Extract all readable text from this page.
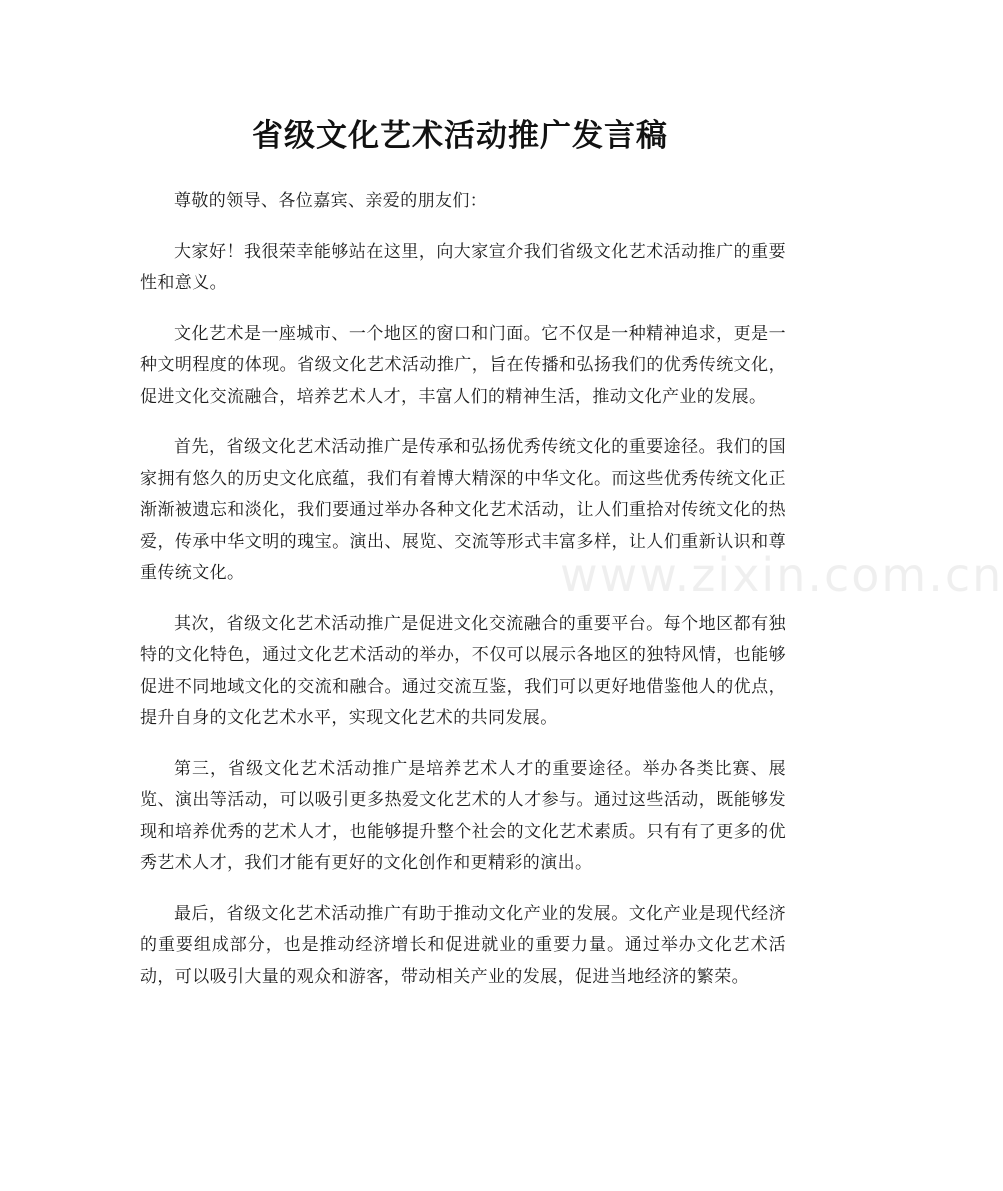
省级文化艺术活动推广发言稿

尊敬的领导、各位嘉宾、亲爱的朋友们：

大家好！我很荣幸能够站在这里，向大家宣介我们省级文化艺术活动推广的重要性和意义。

文化艺术是一座城市、一个地区的窗口和门面。它不仅是一种精神追求，更是一种文明程度的体现。省级文化艺术活动推广，旨在传播和弘扬我们的优秀传统文化，促进文化交流融合，培养艺术人才，丰富人们的精神生活，推动文化产业的发展。

首先，省级文化艺术活动推广是传承和弘扬优秀传统文化的重要途径。我们的国家拥有悠久的历史文化底蕴，我们有着博大精深的中华文化。而这些优秀传统文化正渐渐被遗忘和淡化，我们要通过举办各种文化艺术活动，让人们重拾对传统文化的热爱，传承中华文明的瑰宝。演出、展览、交流等形式丰富多样，让人们重新认识和尊重传统文化。

其次，省级文化艺术活动推广是促进文化交流融合的重要平台。每个地区都有独特的文化特色，通过文化艺术活动的举办，不仅可以展示各地区的独特风情，也能够促进不同地域文化的交流和融合。通过交流互鉴，我们可以更好地借鉴他人的优点，提升自身的文化艺术水平，实现文化艺术的共同发展。

第三，省级文化艺术活动推广是培养艺术人才的重要途径。举办各类比赛、展览、演出等活动，可以吸引更多热爱文化艺术的人才参与。通过这些活动，既能够发现和培养优秀的艺术人才，也能够提升整个社会的文化艺术素质。只有有了更多的优秀艺术人才，我们才能有更好的文化创作和更精彩的演出。

最后，省级文化艺术活动推广有助于推动文化产业的发展。文化产业是现代经济的重要组成部分，也是推动经济增长和促进就业的重要力量。通过举办文化艺术活动，可以吸引大量的观众和游客，带动相关产业的发展，促进当地经济的繁荣。

www.zixin.com.cn
